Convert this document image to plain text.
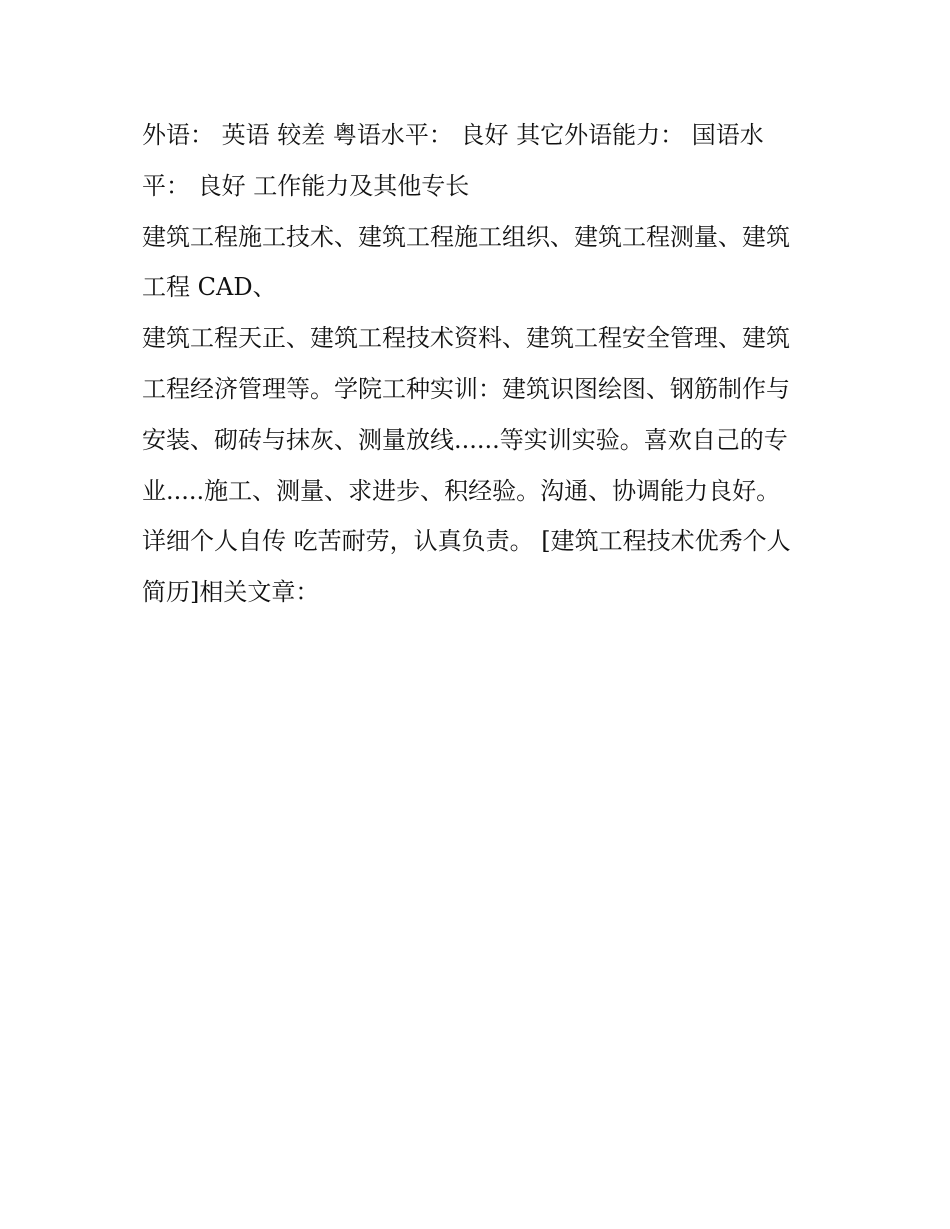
外语： 英语 较差 粤语水平： 良好 其它外语能力： 国语水
平： 良好 工作能力及其他专长
建筑工程施工技术、建筑工程施工组织、建筑工程测量、建筑
工程 CAD、
建筑工程天正、建筑工程技术资料、建筑工程安全管理、建筑
工程经济管理等。学院工种实训：建筑识图绘图、钢筋制作与
安装、砌砖与抹灰、测量放线......等实训实验。喜欢自己的专
业.....施工、测量、求进步、积经验。沟通、协调能力良好。
详细个人自传 吃苦耐劳，认真负责。 [建筑工程技术优秀个人
简历]相关文章：
